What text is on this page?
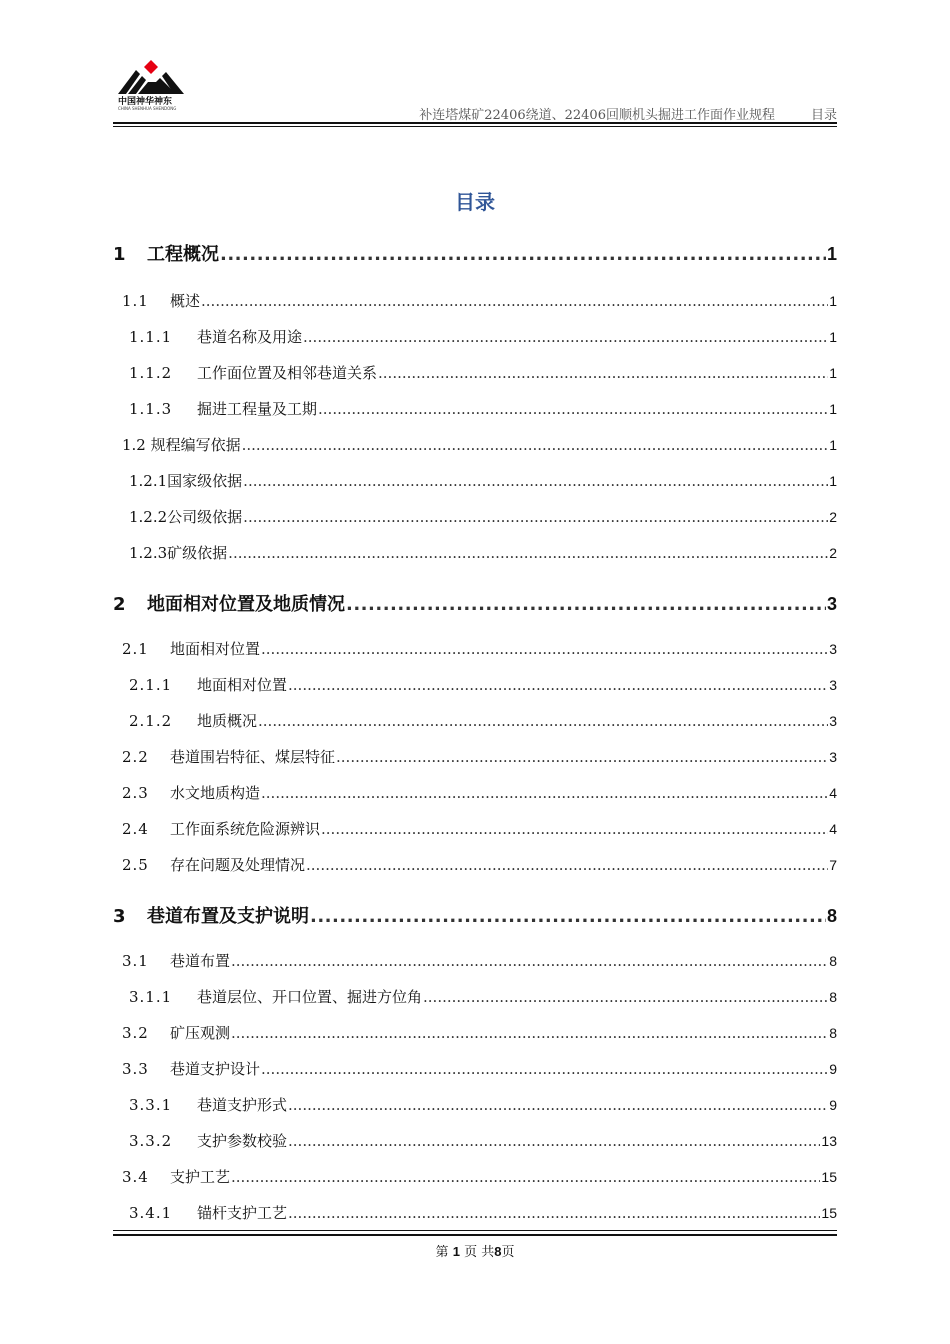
中国神华神东
CHINA SHENHUA SHENDONG	补连塔煤矿22406绕道、22406回顺机头掘进工作面作业规程	目录
目录
1 工程概况 .....	1
1.1 概述 .....	1
1.1.1 巷道名称及用途 .....	1
1.1.2 工作面位置及相邻巷道关系 .....	1
1.1.3 掘进工程量及工期 .....	1
1.2 规程编写依据 .....	1
1.2.1国家级依据 .....	1
1.2.2公司级依据 .....	2
1.2.3矿级依据 .....	2
2 地面相对位置及地质情况 .....	3
2.1 地面相对位置 .....	3
2.1.1 地面相对位置 .....	3
2.1.2 地质概况 .....	3
2.2 巷道围岩特征、煤层特征 .....	3
2.3 水文地质构造 .....	4
2.4 工作面系统危险源辨识 .....	4
2.5 存在问题及处理情况 .....	7
3 巷道布置及支护说明 .....	8
3.1 巷道布置 .....	8
3.1.1 巷道层位、开口位置、掘进方位角 .....	8
3.2 矿压观测 .....	8
3.3 巷道支护设计 .....	9
3.3.1 巷道支护形式 .....	9
3.3.2 支护参数校验 .....	13
3.4 支护工艺 .....	15
3.4.1 锚杆支护工艺 .....	15
第 1 页 共8页
